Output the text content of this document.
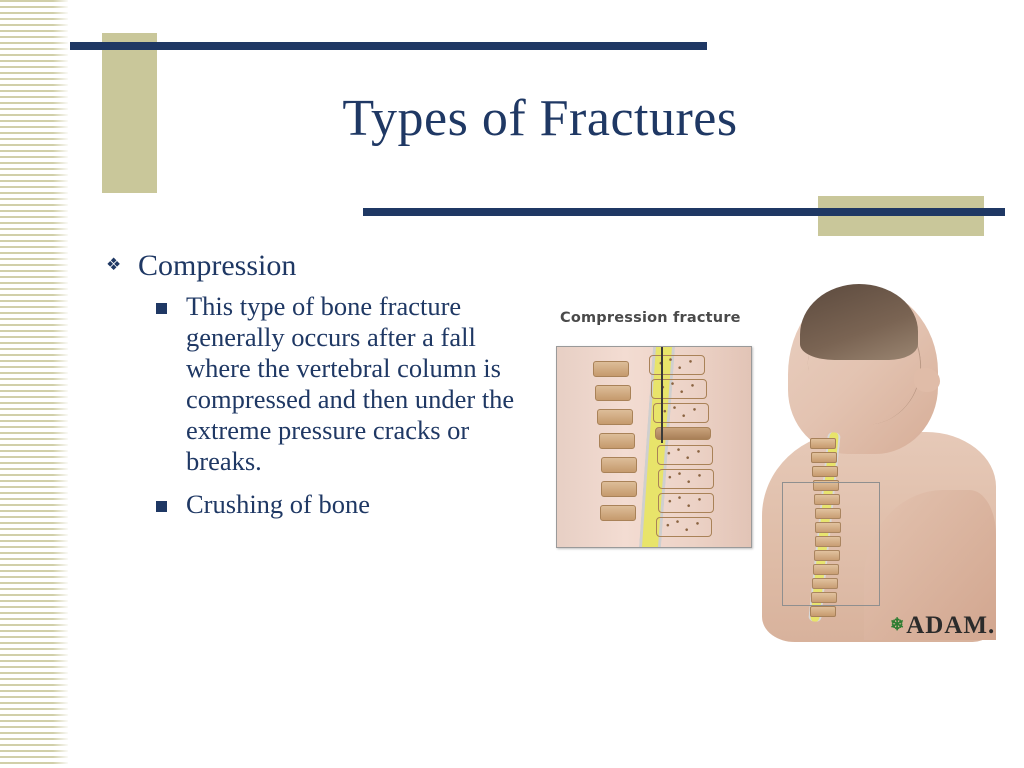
Types of Fractures
❖ Compression
This type of bone fracture generally occurs after a fall where the vertebral column is compressed and then under the extreme pressure cracks or breaks.
Crushing of bone
Compression fracture
❄ADAM.
